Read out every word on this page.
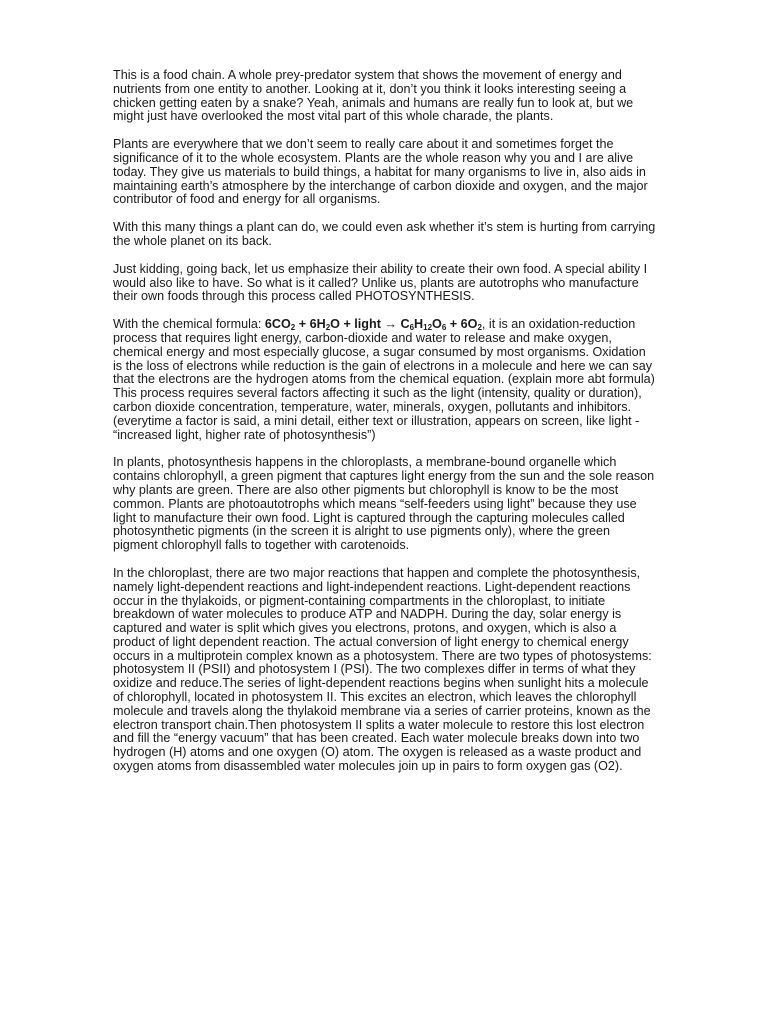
This is a food chain. A whole prey-predator system that shows the movement of energy and nutrients from one entity to another. Looking at it, don’t you think it looks interesting seeing a chicken getting eaten by a snake? Yeah, animals and humans are really fun to look at, but we might just have overlooked the most vital part of this whole charade, the plants.

Plants are everywhere that we don’t seem to really care about it and sometimes forget the significance of it to the whole ecosystem. Plants are the whole reason why you and I are alive today. They give us materials to build things, a habitat for many organisms to live in, also aids in maintaining earth’s atmosphere by the interchange of carbon dioxide and oxygen, and the major contributor of food and energy for all organisms.

With this many things a plant can do, we could even ask whether it’s stem is hurting from carrying the whole planet on its back.

Just kidding, going back, let us emphasize their ability to create their own food. A special ability I would also like to have. So what is it called? Unlike us, plants are autotrophs who manufacture their own foods through this process called PHOTOSYNTHESIS.

With the chemical formula: $6CO_2 + 6H_2O$ + light → $C_6H_{12}O_6 + 6O_2$, it is an oxidation-reduction process that requires light energy, carbon-dioxide and water to release and make oxygen, chemical energy and most especially glucose, a sugar consumed by most organisms. Oxidation is the loss of electrons while reduction is the gain of electrons in a molecule and here we can say that the electrons are the hydrogen atoms from the chemical equation. (explain more abt formula) This process requires several factors affecting it such as the light (intensity, quality or duration), carbon dioxide concentration, temperature, water, minerals, oxygen, pollutants and inhibitors. (everytime a factor is said, a mini detail, either text or illustration, appears on screen, like light - “increased light, higher rate of photosynthesis”)

In plants, photosynthesis happens in the chloroplasts, a membrane-bound organelle which contains chlorophyll, a green pigment that captures light energy from the sun and the sole reason why plants are green. There are also other pigments but chlorophyll is know to be the most common. Plants are photoautotrophs which means “self-feeders using light” because they use light to manufacture their own food. Light is captured through the capturing molecules called photosynthetic pigments (in the screen it is alright to use pigments only), where the green pigment chlorophyll falls to together with carotenoids.

In the chloroplast, there are two major reactions that happen and complete the photosynthesis, namely light-dependent reactions and light-independent reactions. Light-dependent reactions occur in the thylakoids, or pigment-containing compartments in the chloroplast, to initiate breakdown of water molecules to produce ATP and NADPH. During the day, solar energy is captured and water is split which gives you electrons, protons, and oxygen, which is also a product of light dependent reaction. The actual conversion of light energy to chemical energy occurs in a multiprotein complex known as a photosystem. There are two types of photosystems: photosystem II (PSII) and photosystem I (PSI). The two complexes differ in terms of what they oxidize and reduce.The series of light-dependent reactions begins when sunlight hits a molecule of chlorophyll, located in photosystem II. This excites an electron, which leaves the chlorophyll molecule and travels along the thylakoid membrane via a series of carrier proteins, known as the electron transport chain.Then photosystem II splits a water molecule to restore this lost electron and fill the “energy vacuum” that has been created. Each water molecule breaks down into two hydrogen (H) atoms and one oxygen (O) atom. The oxygen is released as a waste product and oxygen atoms from disassembled water molecules join up in pairs to form oxygen gas (O2).
